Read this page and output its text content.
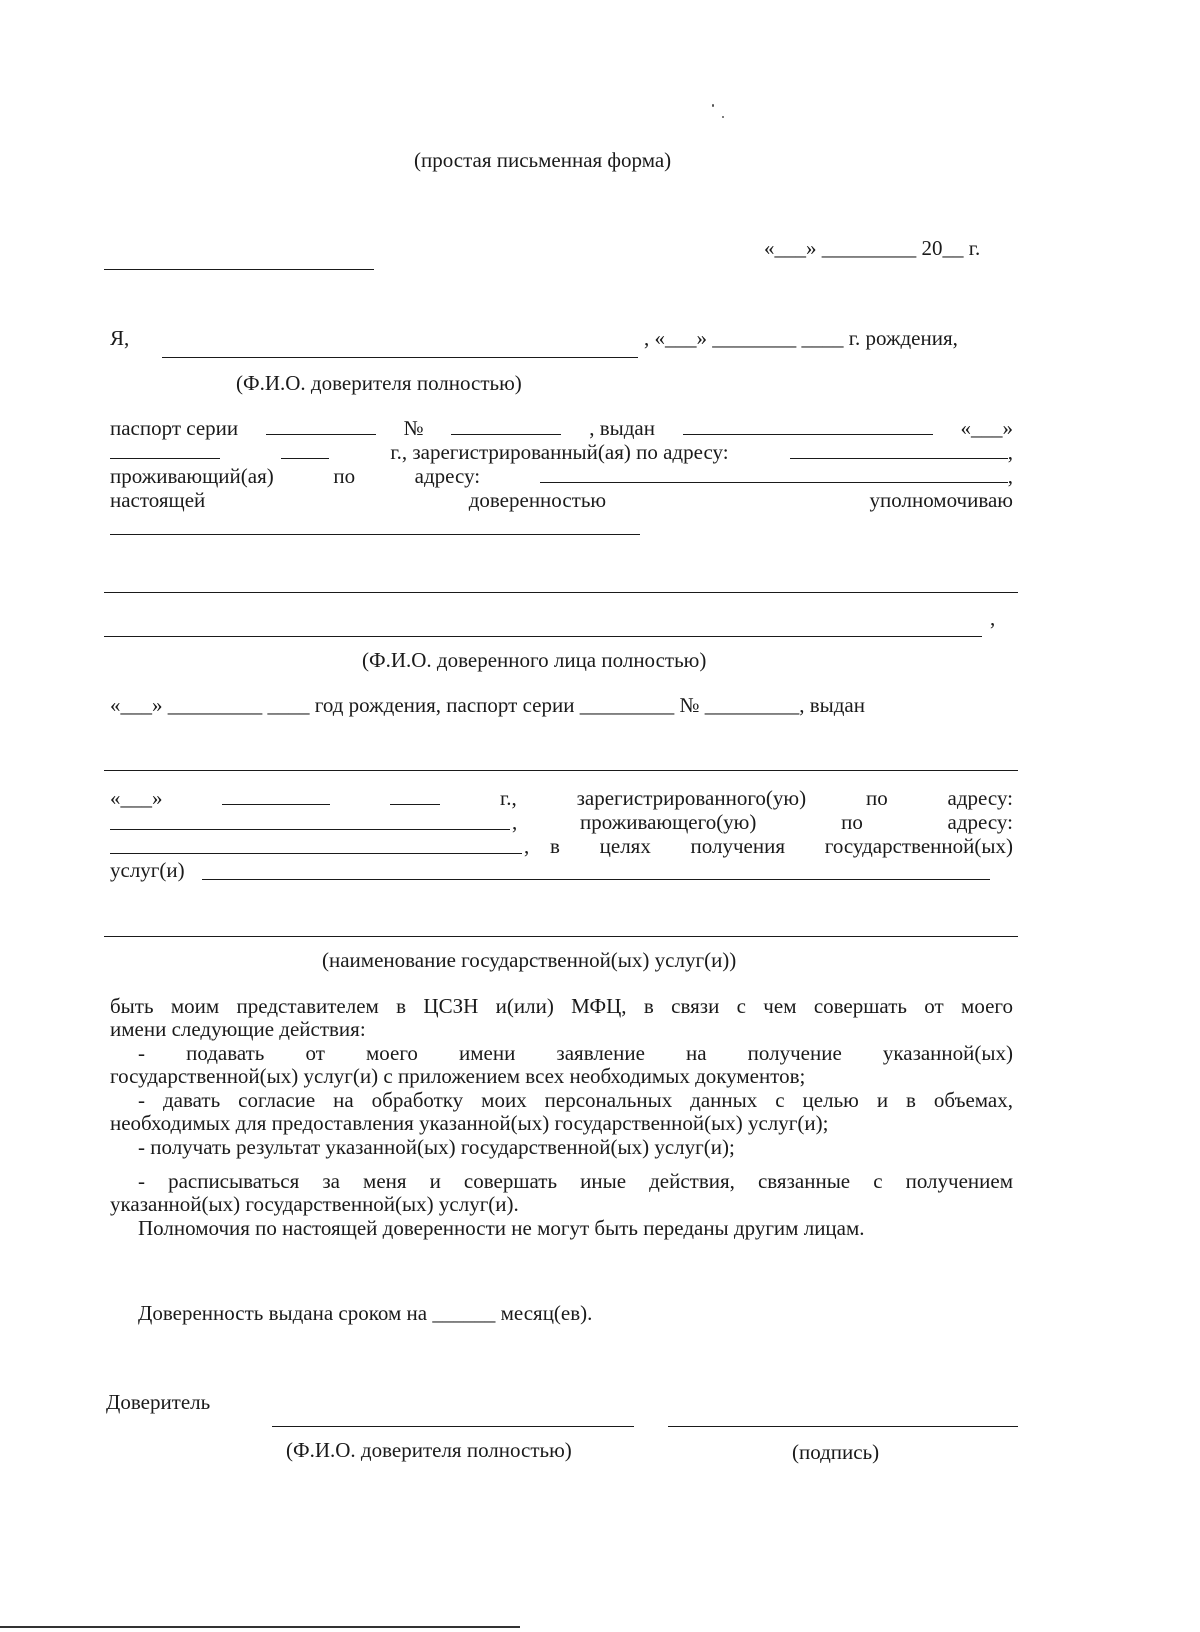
(простая письменная форма)
«___» _________ 20__ г.
Я,	, «___» ________ ____ г. рождения,
(Ф.И.О. доверителя полностью)
паспорт серии	№	, выдан	«___»
г., зарегистрированный(ая) по адресу:	,
проживающий(ая)	по	адресу:	,
настоящей	доверенностью	уполномочиваю
,
(Ф.И.О. доверенного лица полностью)
«___» _________ ____ год рождения, паспорт серии _________ № _________, выдан
«___»	г.,	зарегистрированного(ую)	по	адресу:
,	проживающего(ую)	по	адресу:
, в целях получения государственной(ых)
услуг(и)
(наименование государственной(ых) услуг(и))
быть моим представителем в ЦСЗН и(или) МФЦ, в связи с чем совершать от моего
имени следующие действия:
- подавать от моего имени заявление на получение указанной(ых)
государственной(ых) услуг(и) с приложением всех необходимых документов;
- давать согласие на обработку моих персональных данных с целью и в объемах,
необходимых для предоставления указанной(ых) государственной(ых) услуг(и);
- получать результат указанной(ых) государственной(ых) услуг(и);
- расписываться за меня и совершать иные действия, связанные с получением
указанной(ых) государственной(ых) услуг(и).
Полномочия по настоящей доверенности не могут быть переданы другим лицам.
Доверенность выдана сроком на ______ месяц(ев).
Доверитель
(Ф.И.О. доверителя полностью)	(подпись)
